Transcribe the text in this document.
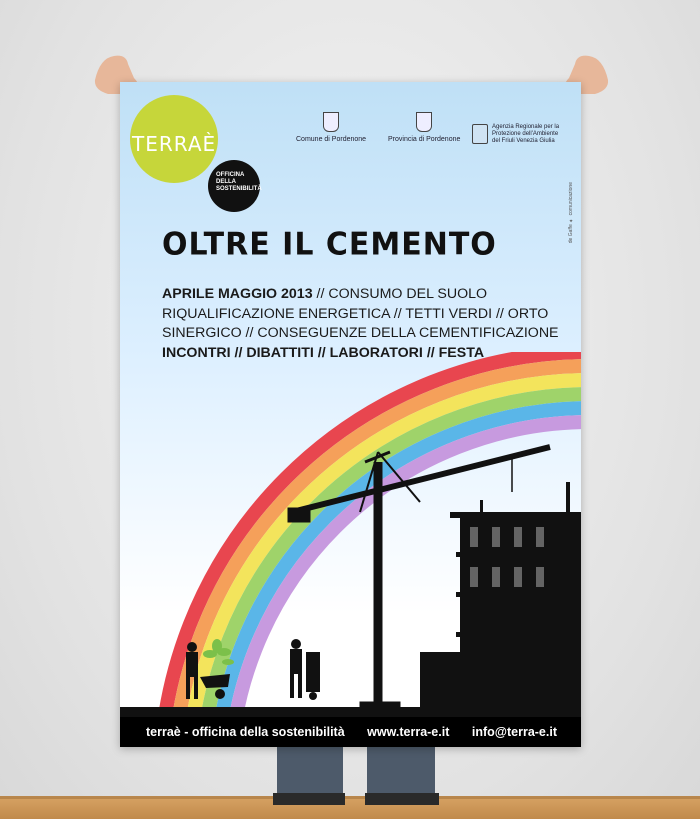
TERRAÈ
OFFICINA DELLA SOSTENIBILITÀ
Comune di Pordenone	Provincia di Pordenone
Agenzia Regionale per la Protezione dell'Ambiente del Friuli Venezia Giulia
de Gaffe ✦ comunicazione
OLTRE IL CEMENTO
APRILE MAGGIO 2013 // CONSUMO DEL SUOLO
RIQUALIFICAZIONE ENERGETICA // TETTI VERDI // ORTO
SINERGICO // CONSEGUENZE DELLA CEMENTIFICAZIONE
INCONTRI // DIBATTITI // LABORATORI // FESTA
terraè - officina della sostenibilità www.terra-e.it info@terra-e.it
